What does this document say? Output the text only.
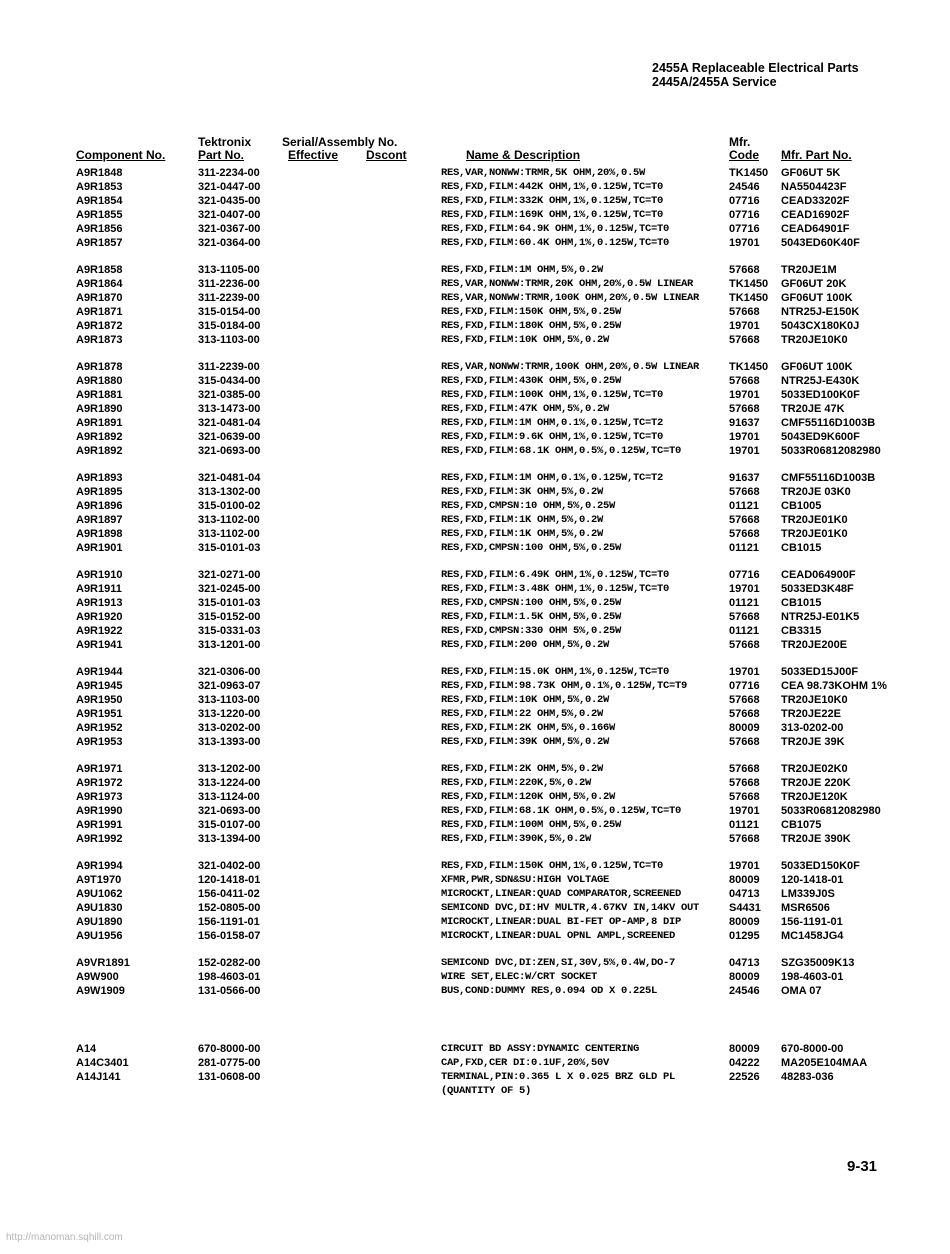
2455A Replaceable Electrical Parts
2445A/2455A Service
Tektronix	Serial/Assembly No.	Mfr.
Component No.	Part No.	Effective Dscont	Name & Description	Code Mfr. Part No.
A9R1848	311-2234-00	RES,VAR,NONWW:TRMR,5K OHM,20%,0.5W	TK1450 GF06UT 5K
A9R1853	321-0447-00	RES,FXD,FILM:442K OHM,1%,0.125W,TC=T0	24546 NA5504423F
A9R1854	321-0435-00	RES,FXD,FILM:332K OHM,1%,0.125W,TC=T0	07716 CEAD33202F
A9R1855	321-0407-00	RES,FXD,FILM:169K OHM,1%,0.125W,TC=T0	07716 CEAD16902F
A9R1856	321-0367-00	RES,FXD,FILM:64.9K OHM,1%,0.125W,TC=T0	07716 CEAD64901F
A9R1857	321-0364-00	RES,FXD,FILM:60.4K OHM,1%,0.125W,TC=T0	19701 5043ED60K40F
A9R1858	313-1105-00	RES,FXD,FILM:1M OHM,5%,0.2W	57668 TR20JE1M
A9R1864	311-2236-00	RES,VAR,NONWW:TRMR,20K OHM,20%,0.5W LINEAR	TK1450 GF06UT 20K
A9R1870	311-2239-00	RES,VAR,NONWW:TRMR,100K OHM,20%,0.5W LINEAR	TK1450 GF06UT 100K
A9R1871	315-0154-00	RES,FXD,FILM:150K OHM,5%,0.25W	57668 NTR25J-E150K
A9R1872	315-0184-00	RES,FXD,FILM:180K OHM,5%,0.25W	19701 5043CX180K0J
A9R1873	313-1103-00	RES,FXD,FILM:10K OHM,5%,0.2W	57668 TR20JE10K0
A9R1878	311-2239-00	RES,VAR,NONWW:TRMR,100K OHM,20%,0.5W LINEAR	TK1450 GF06UT 100K
A9R1880	315-0434-00	RES,FXD,FILM:430K OHM,5%,0.25W	57668 NTR25J-E430K
A9R1881	321-0385-00	RES,FXD,FILM:100K OHM,1%,0.125W,TC=T0	19701 5033ED100K0F
A9R1890	313-1473-00	RES,FXD,FILM:47K OHM,5%,0.2W	57668 TR20JE 47K
A9R1891	321-0481-04	RES,FXD,FILM:1M OHM,0.1%,0.125W,TC=T2	91637 CMF55116D1003B
A9R1892	321-0639-00	RES,FXD,FILM:9.6K OHM,1%,0.125W,TC=T0	19701 5043ED9K600F
A9R1892	321-0693-00	RES,FXD,FILM:68.1K OHM,0.5%,0.125W,TC=T0	19701 5033R06812082980
A9R1893	321-0481-04	RES,FXD,FILM:1M OHM,0.1%,0.125W,TC=T2	91637 CMF55116D1003B
A9R1895	313-1302-00	RES,FXD,FILM:3K OHM,5%,0.2W	57668 TR20JE 03K0
A9R1896	315-0100-02	RES,FXD,CMPSN:10 OHM,5%,0.25W	01121 CB1005
A9R1897	313-1102-00	RES,FXD,FILM:1K OHM,5%,0.2W	57668 TR20JE01K0
A9R1898	313-1102-00	RES,FXD,FILM:1K OHM,5%,0.2W	57668 TR20JE01K0
A9R1901	315-0101-03	RES,FXD,CMPSN:100 OHM,5%,0.25W	01121 CB1015
A9R1910	321-0271-00	RES,FXD,FILM:6.49K OHM,1%,0.125W,TC=T0	07716 CEAD064900F
A9R1911	321-0245-00	RES,FXD,FILM:3.48K OHM,1%,0.125W,TC=T0	19701 5033ED3K48F
A9R1913	315-0101-03	RES,FXD,CMPSN:100 OHM,5%,0.25W	01121 CB1015
A9R1920	315-0152-00	RES,FXD,FILM:1.5K OHM,5%,0.25W	57668 NTR25J-E01K5
A9R1922	315-0331-03	RES,FXD,CMPSN:330 OHM 5%,0.25W	01121 CB3315
A9R1941	313-1201-00	RES,FXD,FILM:200 OHM,5%,0.2W	57668 TR20JE200E
A9R1944	321-0306-00	RES,FXD,FILM:15.0K OHM,1%,0.125W,TC=T0	19701 5033ED15J00F
A9R1945	321-0963-07	RES,FXD,FILM:98.73K OHM,0.1%,0.125W,TC=T9	07716 CEA 98.73KOHM 1%
A9R1950	313-1103-00	RES,FXD,FILM:10K OHM,5%,0.2W	57668 TR20JE10K0
A9R1951	313-1220-00	RES,FXD,FILM:22 OHM,5%,0.2W	57668 TR20JE22E
A9R1952	313-0202-00	RES,FXD,FILM:2K OHM,5%,0.166W	80009 313-0202-00
A9R1953	313-1393-00	RES,FXD,FILM:39K OHM,5%,0.2W	57668 TR20JE 39K
A9R1971	313-1202-00	RES,FXD,FILM:2K OHM,5%,0.2W	57668 TR20JE02K0
A9R1972	313-1224-00	RES,FXD,FILM:220K,5%,0.2W	57668 TR20JE 220K
A9R1973	313-1124-00	RES,FXD,FILM:120K OHM,5%,0.2W	57668 TR20JE120K
A9R1990	321-0693-00	RES,FXD,FILM:68.1K OHM,0.5%,0.125W,TC=T0	19701 5033R06812082980
A9R1991	315-0107-00	RES,FXD,FILM:100M OHM,5%,0.25W	01121 CB1075
A9R1992	313-1394-00	RES,FXD,FILM:390K,5%,0.2W	57668 TR20JE 390K
A9R1994	321-0402-00	RES,FXD,FILM:150K OHM,1%,0.125W,TC=T0	19701 5033ED150K0F
A9T1970	120-1418-01	XFMR,PWR,SDN&SU:HIGH VOLTAGE	80009 120-1418-01
A9U1062	156-0411-02	MICROCKT,LINEAR:QUAD COMPARATOR,SCREENED	04713 LM339J0S
A9U1830	152-0805-00	SEMICOND DVC,DI:HV MULTR,4.67KV IN,14KV OUT	S4431 MSR6506
A9U1890	156-1191-01	MICROCKT,LINEAR:DUAL BI-FET OP-AMP,8 DIP	80009 156-1191-01
A9U1956	156-0158-07	MICROCKT,LINEAR:DUAL OPNL AMPL,SCREENED	01295 MC1458JG4
A9VR1891	152-0282-00	SEMICOND DVC,DI:ZEN,SI,30V,5%,0.4W,DO-7	04713 SZG35009K13
A9W900	198-4603-01	WIRE SET,ELEC:W/CRT SOCKET	80009 198-4603-01
A9W1909	131-0566-00	BUS,COND:DUMMY RES,0.094 OD X 0.225L	24546 OMA 07
A14	670-8000-00	CIRCUIT BD ASSY:DYNAMIC CENTERING	80009 670-8000-00
A14C3401	281-0775-00	CAP,FXD,CER DI:0.1UF,20%,50V	04222 MA205E104MAA
A14J141	131-0608-00	TERMINAL,PIN:0.365 L X 0.025 BRZ GLD PL	22526 48283-036
(QUANTITY OF 5)
9-31
http://manoman.sqhill.com
